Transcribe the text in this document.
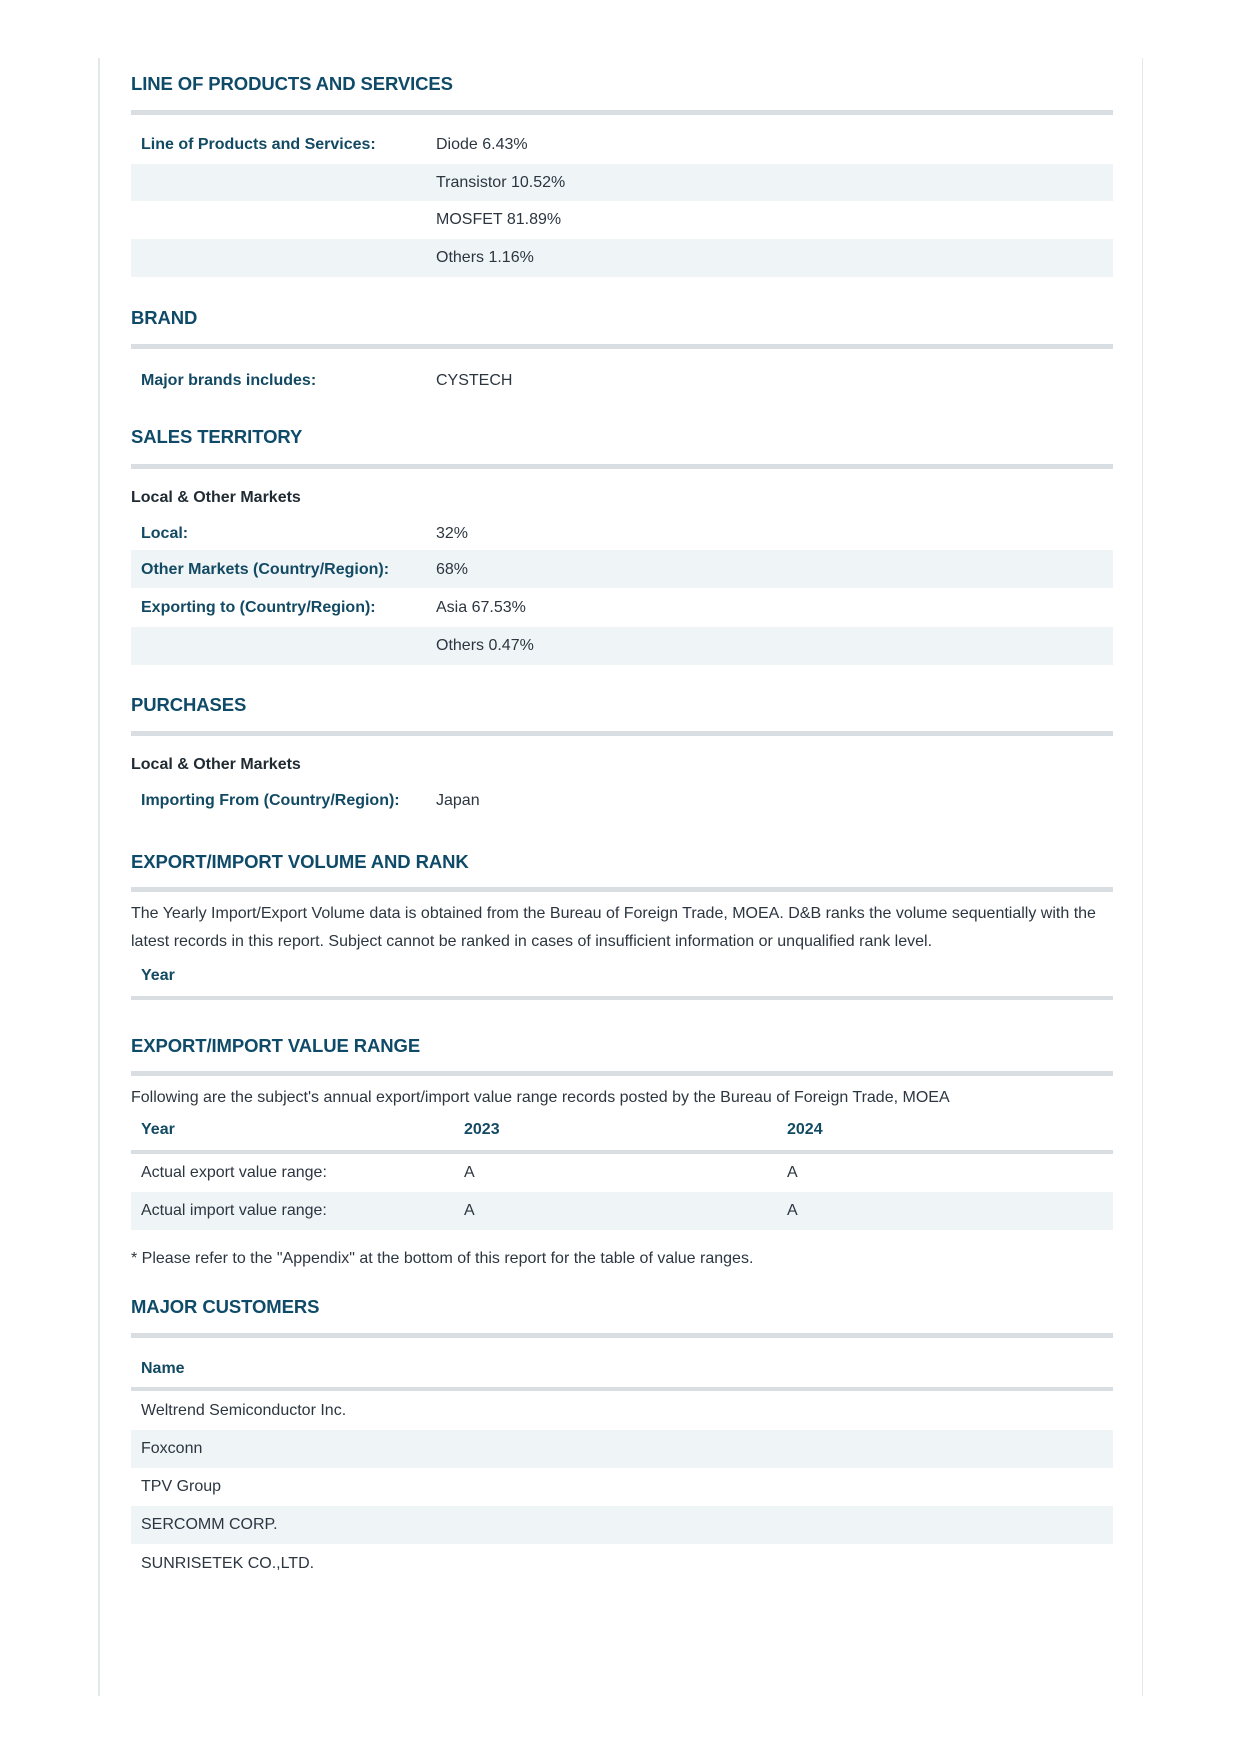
LINE OF PRODUCTS AND SERVICES
Line of Products and Services:	Diode 6.43%
Transistor 10.52%
MOSFET 81.89%
Others 1.16%
BRAND
Major brands includes:	CYSTECH
SALES TERRITORY
Local & Other Markets
Local:	32%
Other Markets (Country/Region):	68%
Exporting to (Country/Region):	Asia 67.53%
Others 0.47%
PURCHASES
Local & Other Markets
Importing From (Country/Region): Japan
EXPORT/IMPORT VOLUME AND RANK
The Yearly Import/Export Volume data is obtained from the Bureau of Foreign Trade, MOEA. D&B ranks the volume sequentially with the latest records in this report. Subject cannot be ranked in cases of insufficient information or unqualified rank level.
Year
EXPORT/IMPORT VALUE RANGE
Following are the subject's annual export/import value range records posted by the Bureau of Foreign Trade, MOEA
Year	2023	2024
Actual export value range:	A	A
Actual import value range:	A	A
* Please refer to the "Appendix" at the bottom of this report for the table of value ranges.
MAJOR CUSTOMERS
Name
Weltrend Semiconductor Inc.
Foxconn
TPV Group
SERCOMM CORP.
SUNRISETEK CO.,LTD.
